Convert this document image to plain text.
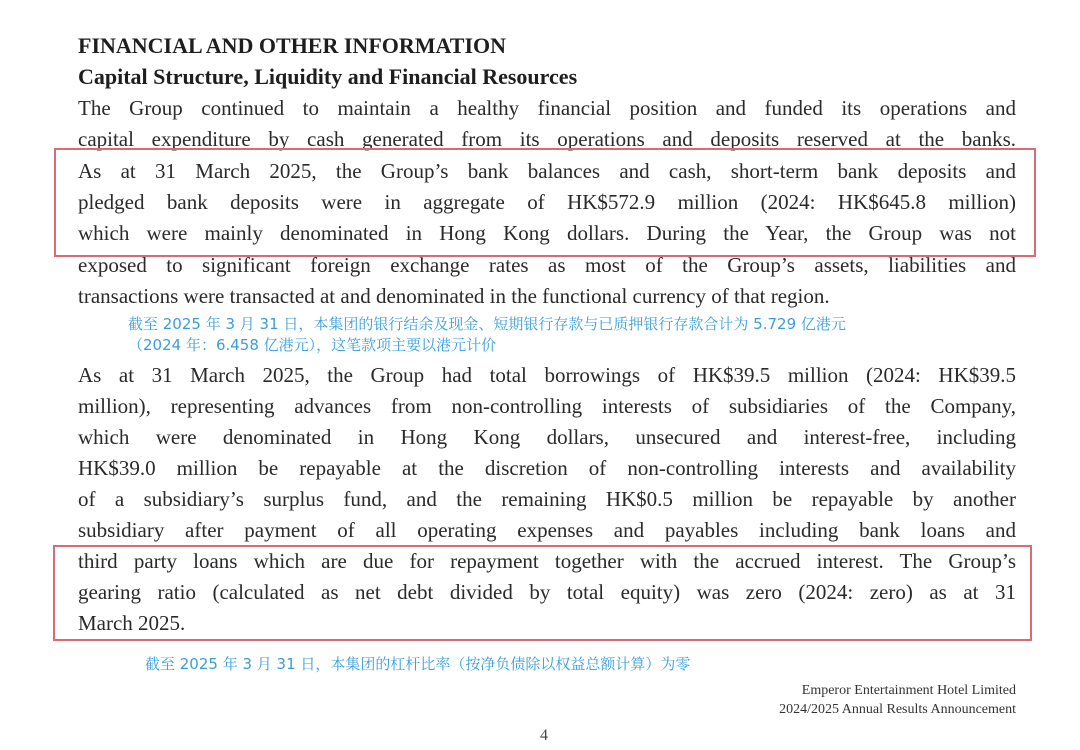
FINANCIAL AND OTHER INFORMATION
Capital Structure, Liquidity and Financial Resources
The Group continued to maintain a healthy financial position and funded its operations and
capital expenditure by cash generated from its operations and deposits reserved at the banks.
As at 31 March 2025, the Group’s bank balances and cash, short-term bank deposits and
pledged bank deposits were in aggregate of HK$572.9 million (2024: HK$645.8 million)
which were mainly denominated in Hong Kong dollars. During the Year, the Group was not
exposed to significant foreign exchange rates as most of the Group’s assets, liabilities and
transactions were transacted at and denominated in the functional currency of that region.
截至 2025 年 3 月 31 日，本集团的银行结余及现金、短期银行存款与已质押银行存款合计为 5.729 亿港元
（2024 年：6.458 亿港元），这笔款项主要以港元计价
As at 31 March 2025, the Group had total borrowings of HK$39.5 million (2024: HK$39.5
million), representing advances from non-controlling interests of subsidiaries of the Company,
which were denominated in Hong Kong dollars, unsecured and interest-free, including
HK$39.0 million be repayable at the discretion of non-controlling interests and availability
of a subsidiary’s surplus fund, and the remaining HK$0.5 million be repayable by another
subsidiary after payment of all operating expenses and payables including bank loans and
third party loans which are due for repayment together with the accrued interest. The Group’s
gearing ratio (calculated as net debt divided by total equity) was zero (2024: zero) as at 31
March 2025.
截至 2025 年 3 月 31 日，本集团的杠杆比率（按净负债除以权益总额计算）为零
Emperor Entertainment Hotel Limited
2024/2025 Annual Results Announcement
4
